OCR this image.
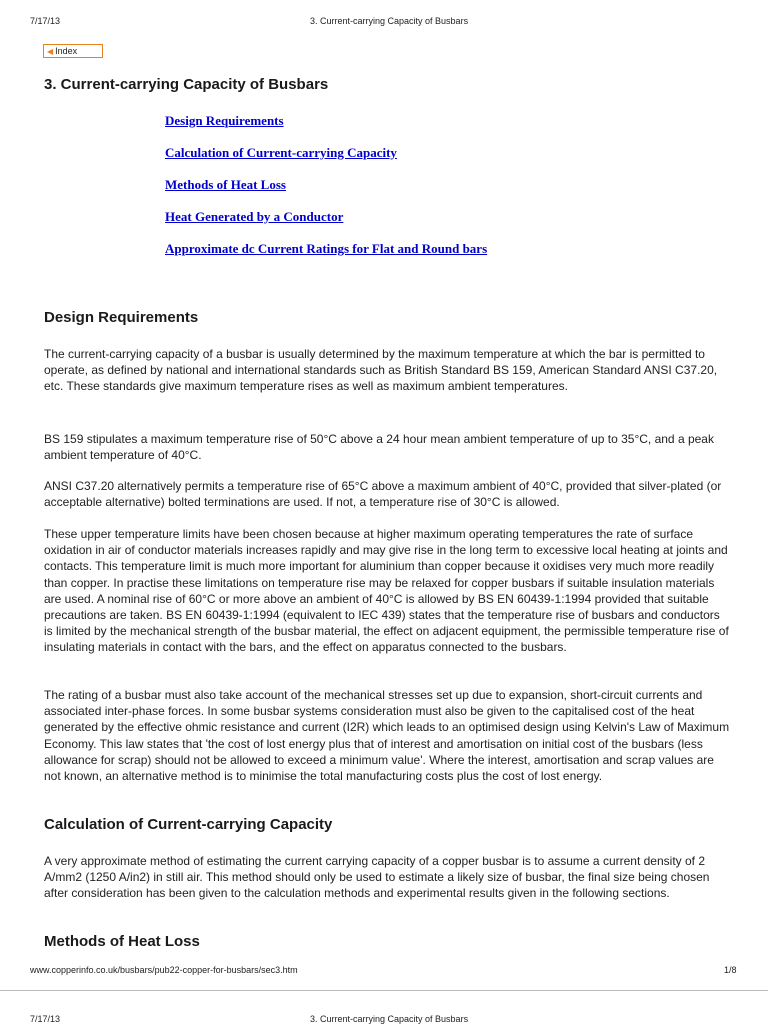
7/17/13	3. Current-carrying Capacity of Busbars
◀ Index
3. Current-carrying Capacity of Busbars
Design Requirements
Calculation of Current-carrying Capacity
Methods of Heat Loss
Heat Generated by a Conductor
Approximate dc Current Ratings for Flat and Round bars
Design Requirements

The current-carrying capacity of a busbar is usually determined by the maximum temperature at which the bar is permitted to operate, as defined by national and international standards such as British Standard BS 159, American Standard ANSI C37.20, etc. These standards give maximum temperature rises as well as maximum ambient temperatures.

BS 159 stipulates a maximum temperature rise of 50°C above a 24 hour mean ambient temperature of up to 35°C, and a peak ambient temperature of 40°C.

ANSI C37.20 alternatively permits a temperature rise of 65°C above a maximum ambient of 40°C, provided that silver-plated (or acceptable alternative) bolted terminations are used. If not, a temperature rise of 30°C is allowed.

These upper temperature limits have been chosen because at higher maximum operating temperatures the rate of surface oxidation in air of conductor materials increases rapidly and may give rise in the long term to excessive local heating at joints and contacts. This temperature limit is much more important for aluminium than copper because it oxidises very much more readily than copper. In practise these limitations on temperature rise may be relaxed for copper busbars if suitable insulation materials are used. A nominal rise of 60°C or more above an ambient of 40°C is allowed by BS EN 60439-1:1994 provided that suitable precautions are taken. BS EN 60439-1:1994 (equivalent to IEC 439) states that the temperature rise of busbars and conductors is limited by the mechanical strength of the busbar material, the effect on adjacent equipment, the permissible temperature rise of insulating materials in contact with the bars, and the effect on apparatus connected to the busbars.

The rating of a busbar must also take account of the mechanical stresses set up due to expansion, short-circuit currents and associated inter-phase forces. In some busbar systems consideration must also be given to the capitalised cost of the heat generated by the effective ohmic resistance and current (I2R) which leads to an optimised design using Kelvin's Law of Maximum Economy. This law states that 'the cost of lost energy plus that of interest and amortisation on initial cost of the busbars (less allowance for scrap) should not be allowed to exceed a minimum value'. Where the interest, amortisation and scrap values are not known, an alternative method is to minimise the total manufacturing costs plus the cost of lost energy.

Calculation of Current-carrying Capacity

A very approximate method of estimating the current carrying capacity of a copper busbar is to assume a current density of 2 A/mm2 (1250 A/in2) in still air. This method should only be used to estimate a likely size of busbar, the final size being chosen after consideration has been given to the calculation methods and experimental results given in the following sections.

Methods of Heat Loss
www.copperinfo.co.uk/busbars/pub22-copper-for-busbars/sec3.htm	1/8
7/17/13	3. Current-carrying Capacity of Busbars
